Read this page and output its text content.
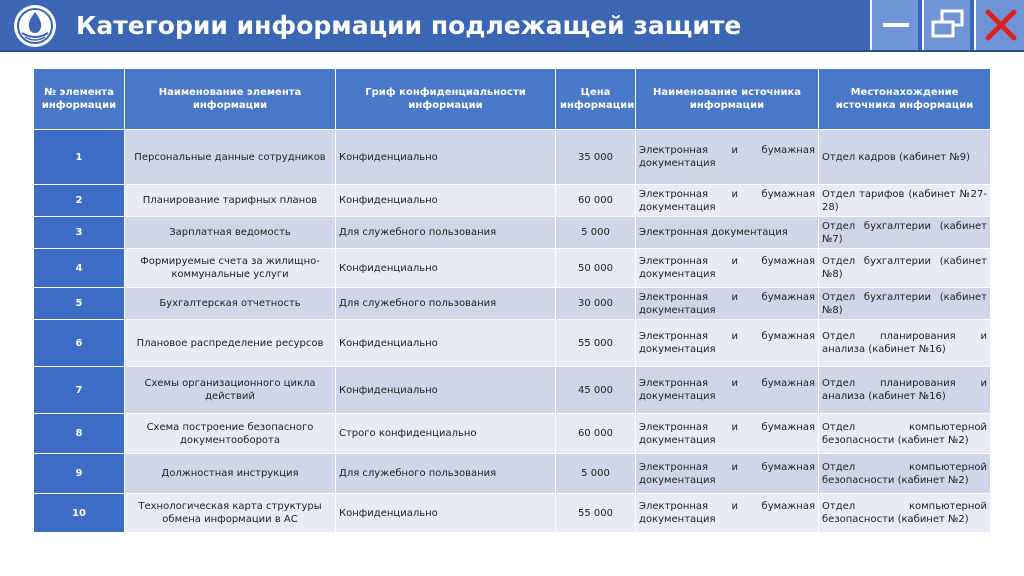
Категории информации подлежащей защите
№ элемента информации	Наименование элемента информации	Гриф конфиденциальности информации	Цена информации	Наименование источника информации	Местонахождение источника информации
1	Персональные данные сотрудников	Конфиденциально	35 000	Электронная и бумажная документация	Отдел кадров (кабинет №9)
2	Планирование тарифных планов	Конфиденциально	60 000	Электронная и бумажная документация	Отдел тарифов (кабинет №27-28)
3	Зарплатная ведомость	Для служебного пользования	5 000	Электронная документация	Отдел бухгалтерии (кабинет №7)
4	Формируемые счета за жилищно-коммунальные услуги	Конфиденциально	50 000	Электронная и бумажная документация	Отдел бухгалтерии (кабинет №8)
5	Бухгалтерская отчетность	Для служебного пользования	30 000	Электронная и бумажная документация	Отдел бухгалтерии (кабинет №8)
6	Плановое распределение ресурсов	Конфиденциально	55 000	Электронная и бумажная документация	Отдел планирования и анализа (кабинет №16)
7	Схемы организационного цикла действий	Конфиденциально	45 000	Электронная и бумажная документация	Отдел планирования и анализа (кабинет №16)
8	Схема построение безопасного документооборота	Строго конфиденциально	60 000	Электронная и бумажная документация	Отдел компьютерной безопасности (кабинет №2)
9	Должностная инструкция	Для служебного пользования	5 000	Электронная и бумажная документация	Отдел компьютерной безопасности (кабинет №2)
10	Технологическая карта структуры обмена информации в АС	Конфиденциально	55 000	Электронная и бумажная документация	Отдел компьютерной безопасности (кабинет №2)
